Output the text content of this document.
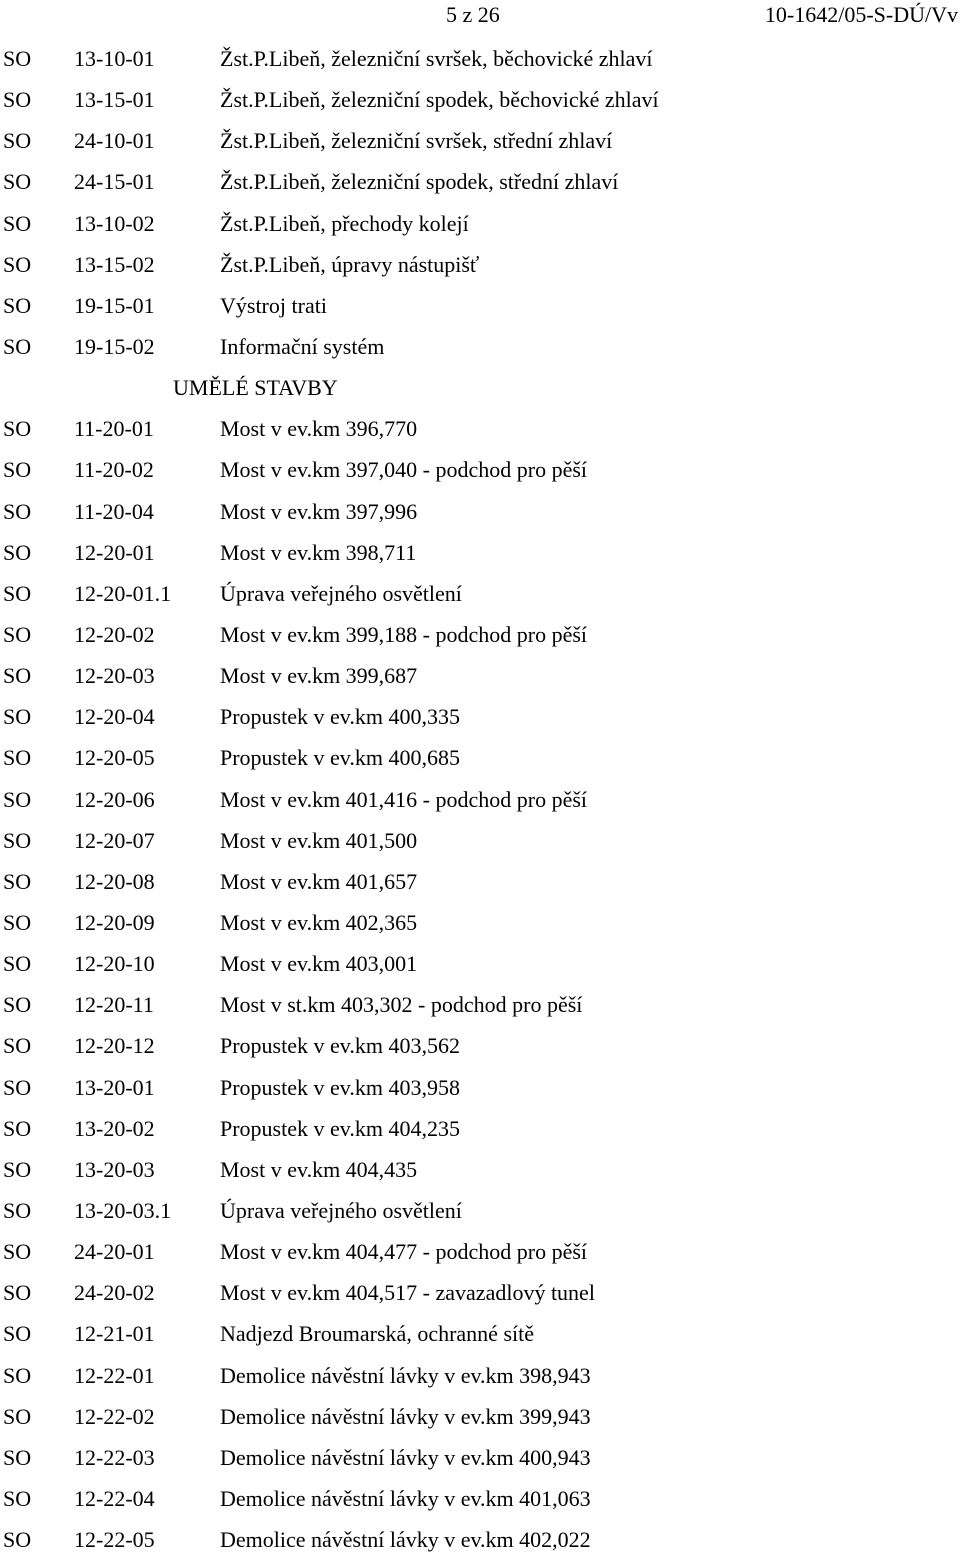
5 z 26	10-1642/05-S-DÚ/Vv
SO 13-10-01	Žst.P.Libeň, železniční svršek, běchovické zhlaví
SO 13-15-01	Žst.P.Libeň, železniční spodek, běchovické zhlaví
SO 24-10-01	Žst.P.Libeň, železniční svršek, střední zhlaví
SO 24-15-01	Žst.P.Libeň, železniční spodek, střední zhlaví
SO 13-10-02	Žst.P.Libeň, přechody kolejí
SO 13-15-02	Žst.P.Libeň, úpravy nástupišť
SO 19-15-01	Výstroj trati
SO 19-15-02	Informační systém
UMĚLÉ STAVBY
SO 11-20-01	Most v ev.km 396,770
SO 11-20-02	Most v ev.km 397,040 - podchod pro pěší
SO 11-20-04	Most v ev.km 397,996
SO 12-20-01	Most v ev.km 398,711
SO 12-20-01.1 Úprava veřejného osvětlení
SO 12-20-02	Most v ev.km 399,188 - podchod pro pěší
SO 12-20-03	Most v ev.km 399,687
SO 12-20-04	Propustek v ev.km 400,335
SO 12-20-05	Propustek v ev.km 400,685
SO 12-20-06	Most v ev.km 401,416 - podchod pro pěší
SO 12-20-07	Most v ev.km 401,500
SO 12-20-08	Most v ev.km 401,657
SO 12-20-09	Most v ev.km 402,365
SO 12-20-10	Most v ev.km 403,001
SO 12-20-11	Most v st.km 403,302 - podchod pro pěší
SO 12-20-12	Propustek v ev.km 403,562
SO 13-20-01	Propustek v ev.km 403,958
SO 13-20-02	Propustek v ev.km 404,235
SO 13-20-03	Most v ev.km 404,435
SO 13-20-03.1 Úprava veřejného osvětlení
SO 24-20-01	Most v ev.km 404,477 - podchod pro pěší
SO 24-20-02	Most v ev.km 404,517 - zavazadlový tunel
SO 12-21-01	Nadjezd Broumarská, ochranné sítě
SO 12-22-01	Demolice návěstní lávky v ev.km 398,943
SO 12-22-02	Demolice návěstní lávky v ev.km 399,943
SO 12-22-03	Demolice návěstní lávky v ev.km 400,943
SO 12-22-04	Demolice návěstní lávky v ev.km 401,063
SO 12-22-05	Demolice návěstní lávky v ev.km 402,022
